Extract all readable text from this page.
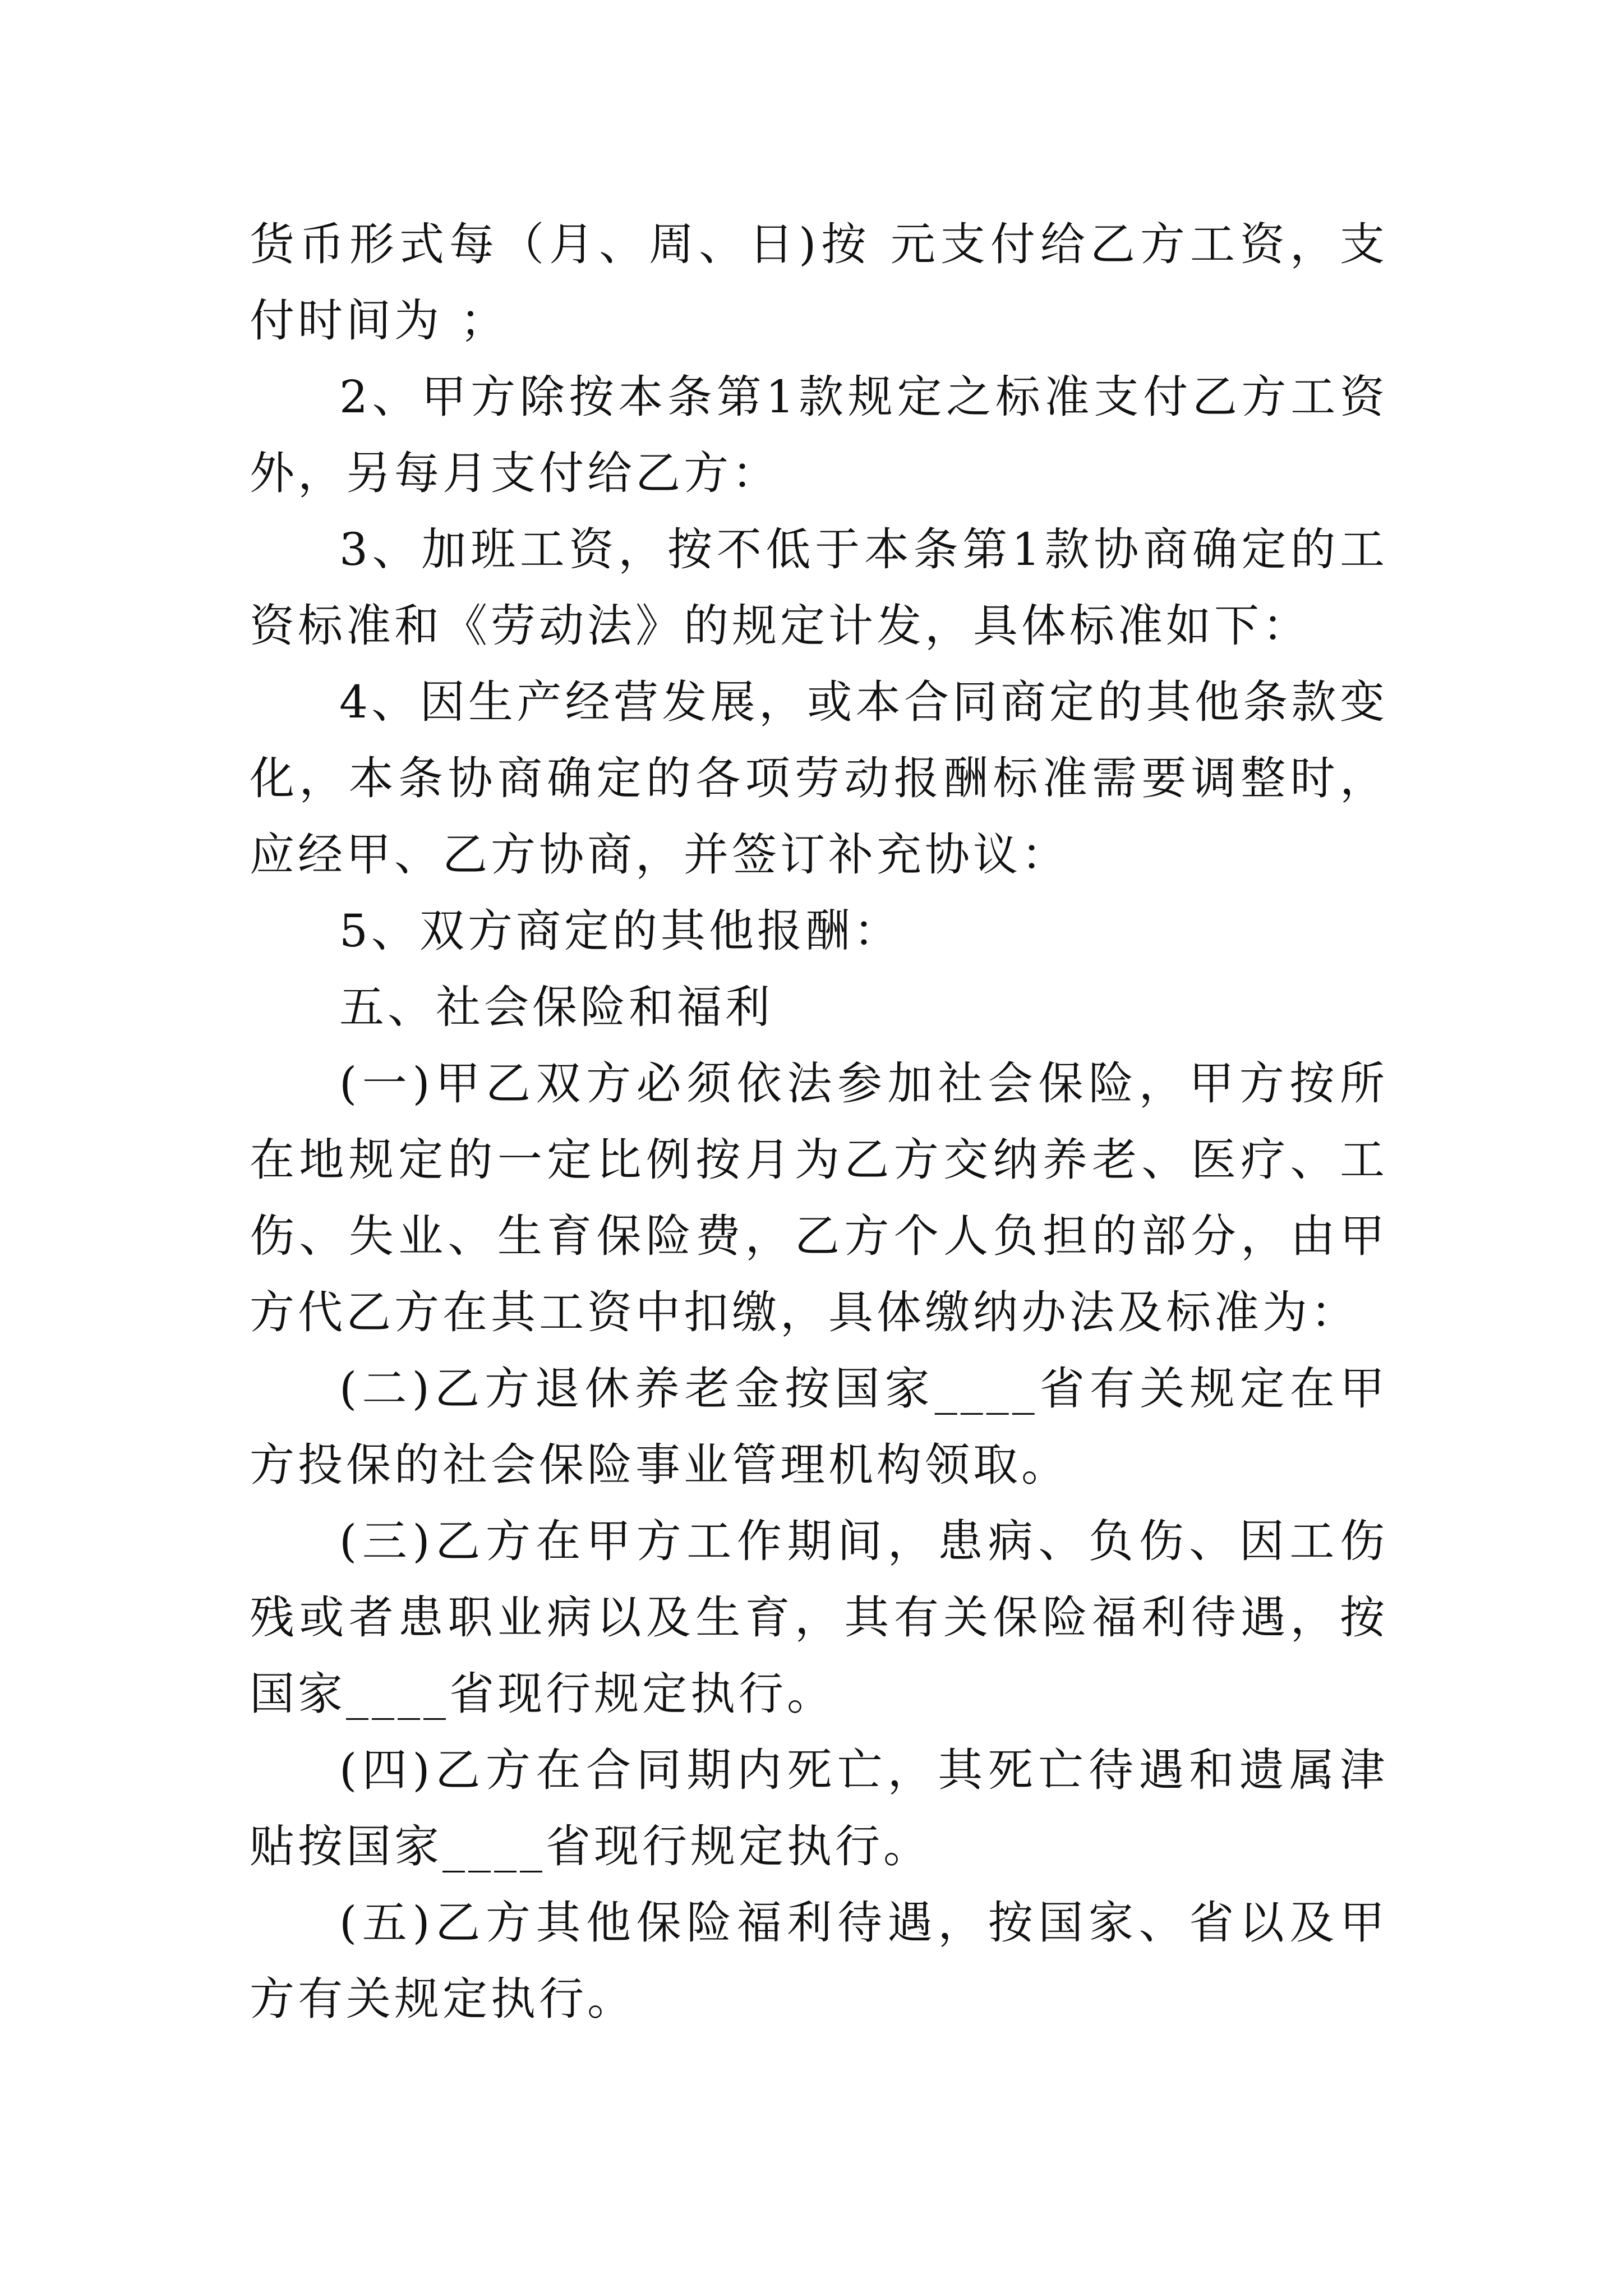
货币形式每（月、周、日)按 元支付给乙方工资，支付时间为 ；

2、甲方除按本条第1款规定之标准支付乙方工资外，另每月支付给乙方：

3、加班工资，按不低于本条第1款协商确定的工资标准和《劳动法》的规定计发，具体标准如下：

4、因生产经营发展，或本合同商定的其他条款变化，本条协商确定的各项劳动报酬标准需要调整时，应经甲、乙方协商，并签订补充协议：

5、双方商定的其他报酬：

五、社会保险和福利

(一)甲乙双方必须依法参加社会保险，甲方按所在地规定的一定比例按月为乙方交纳养老、医疗、工伤、失业、生育保险费，乙方个人负担的部分，由甲方代乙方在其工资中扣缴，具体缴纳办法及标准为：

(二)乙方退休养老金按国家____省有关规定在甲方投保的社会保险事业管理机构领取。

(三)乙方在甲方工作期间，患病、负伤、因工伤残或者患职业病以及生育，其有关保险福利待遇，按国家____省现行规定执行。

(四)乙方在合同期内死亡，其死亡待遇和遗属津贴按国家____省现行规定执行。

(五)乙方其他保险福利待遇，按国家、省以及甲方有关规定执行。
